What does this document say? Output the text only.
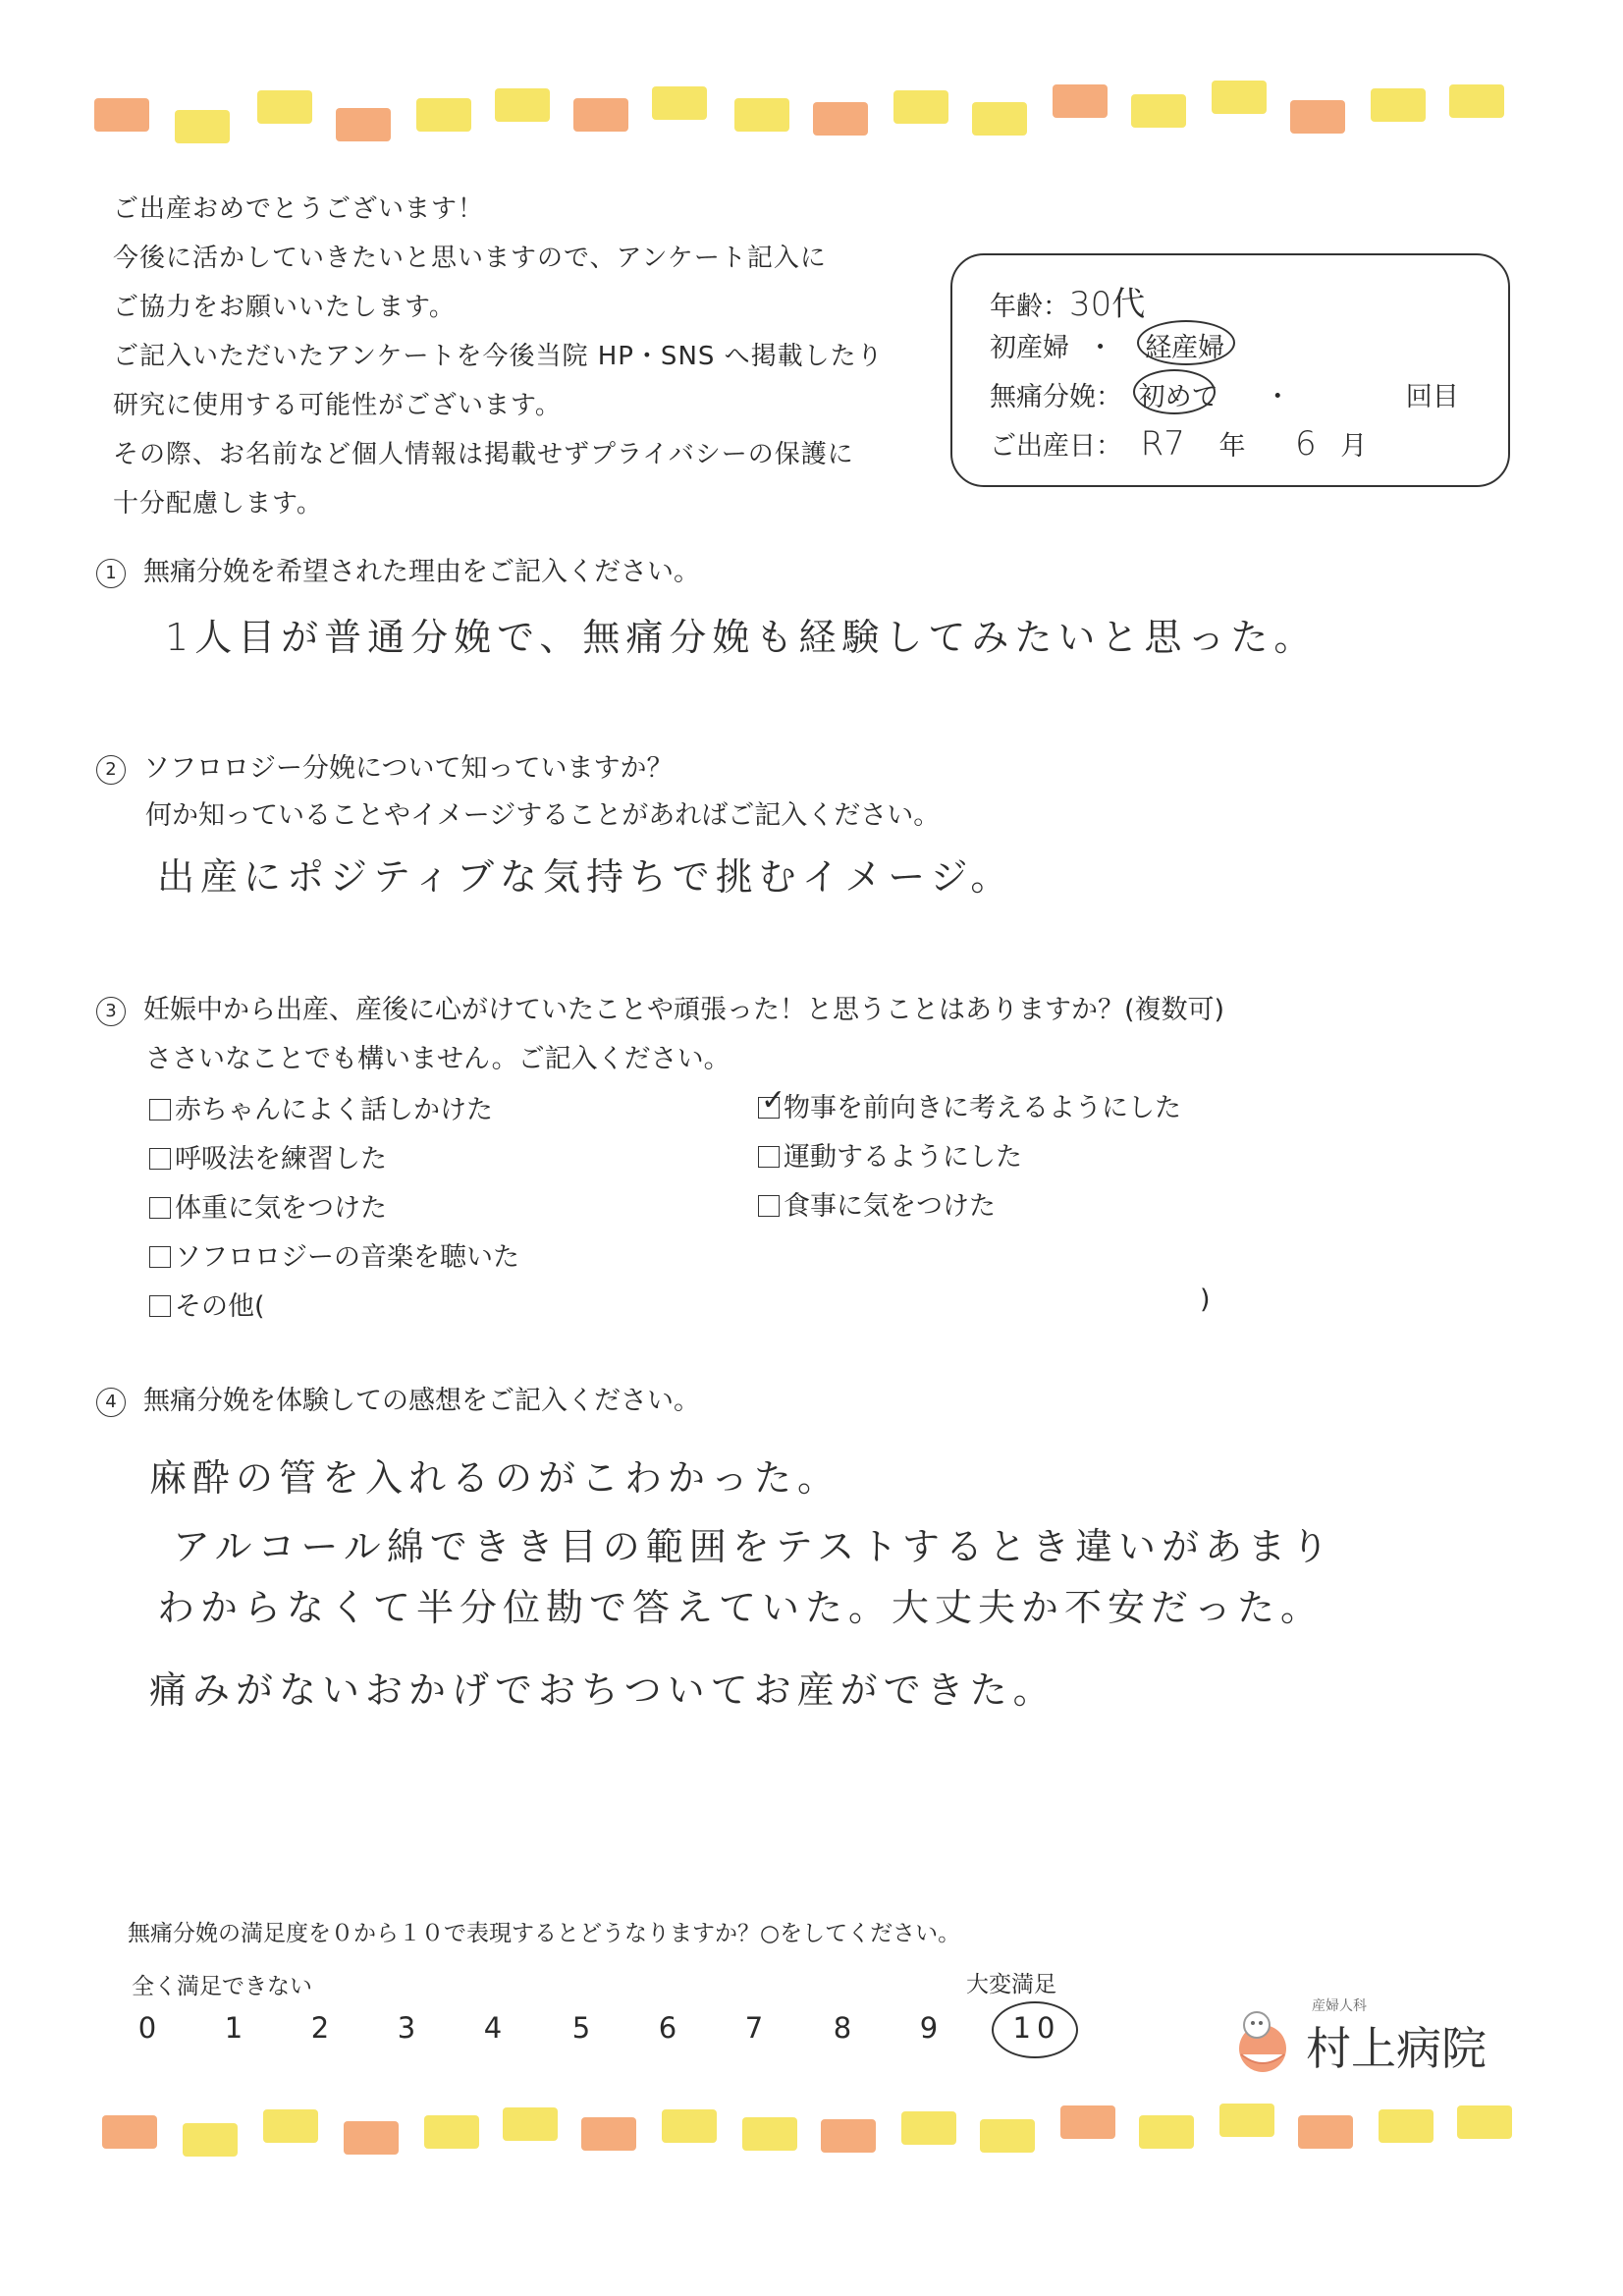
ご出産おめでとうございます！
今後に活かしていきたいと思いますので、アンケート記入に
ご協力をお願いいたします。
ご記入いただいたアンケートを今後当院 HP・SNS へ掲載したり
研究に使用する可能性がございます。
その際、お名前など個人情報は掲載せずプライバシーの保護に
十分配慮します。
年齢：30代
初産婦 ・ 経産婦
無痛分娩： 初めて ・	回目
ご出産日： R7 年 6 月
1 無痛分娩を希望された理由をご記入ください。
1人目が普通分娩で、無痛分娩も経験してみたいと思った。
2 ソフロロジー分娩について知っていますか？
何か知っていることやイメージすることがあればご記入ください。
出産にポジティブな気持ちで挑むイメージ。
3 妊娠中から出産、産後に心がけていたことや頑張った！と思うことはありますか？(複数可)
ささいなことでも構いません。ご記入ください。
赤ちゃんによく話しかけた
呼吸法を練習した
体重に気をつけた
ソフロロジーの音楽を聴いた
その他(	)
✓
物事を前向きに考えるようにした
運動するようにした
食事に気をつけた
4 無痛分娩を体験しての感想をご記入ください。
麻酔の管を入れるのがこわかった。
アルコール綿できき目の範囲をテストするとき違いがあまり
わからなくて半分位勘で答えていた。大丈夫か不安だった。
痛みがないおかげでおちついてお産ができた。
無痛分娩の満足度を０から１０で表現するとどうなりますか？○をしてください。
全く満足できない	大変満足
0	1	2	3	4	5	6	7	8	9	10
産婦人科
村上病院
